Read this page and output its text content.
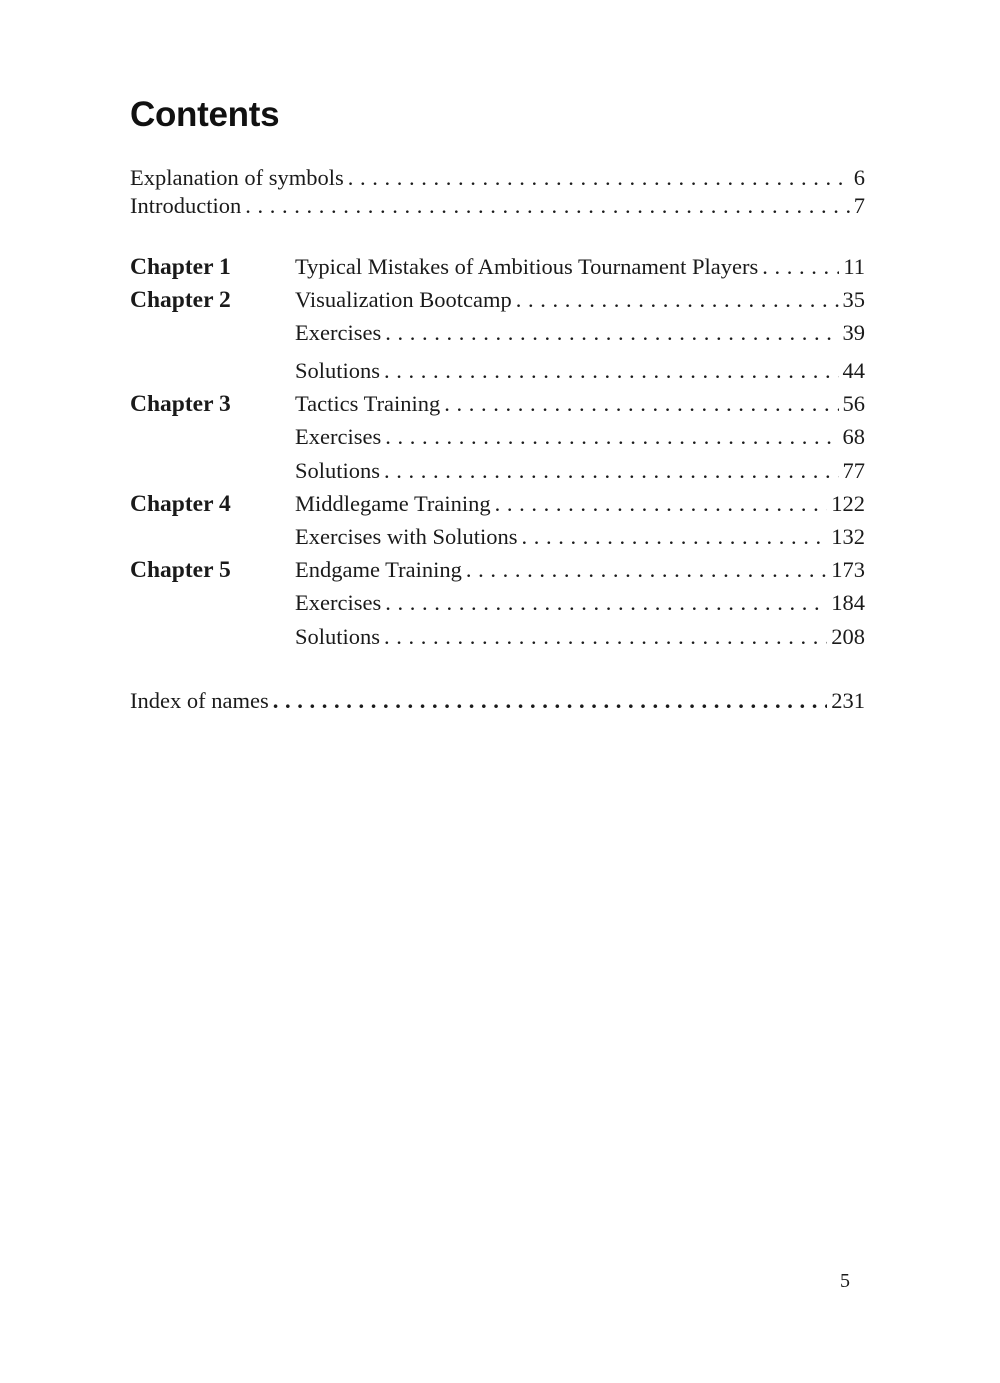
Contents
Explanation of symbols . . .	6
Introduction . . .	7
Chapter 1	Typical Mistakes of Ambitious Tournament Players . . .	11
Chapter 2	Visualization Bootcamp . . .	35
Exercises . . .	39
Solutions . . .	44
Chapter 3	Tactics Training . . .	56
Exercises . . .	68
Solutions . . .	77
Chapter 4	Middlegame Training . . .	122
Exercises with Solutions . . .	132
Chapter 5	Endgame Training . . .	173
Exercises . . .	184
Solutions . . .	208
Index of names . . .	231
5
